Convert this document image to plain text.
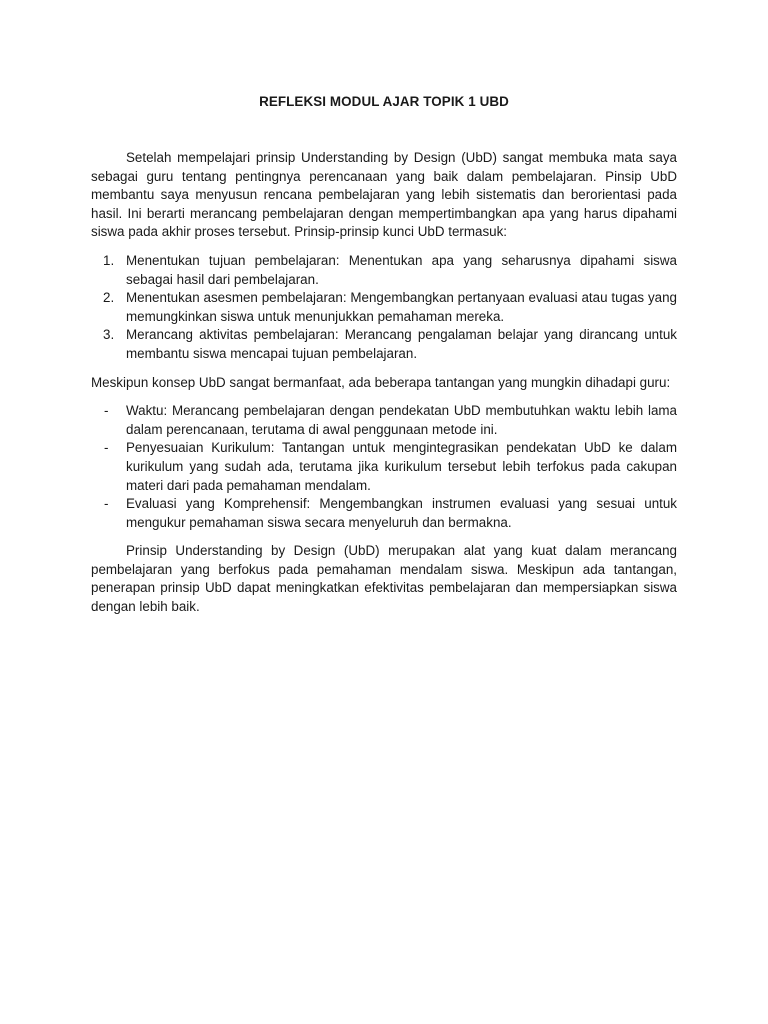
REFLEKSI MODUL AJAR TOPIK 1 UBD

Setelah mempelajari prinsip Understanding by Design (UbD) sangat membuka mata saya sebagai guru tentang pentingnya perencanaan yang baik dalam pembelajaran. Pinsip UbD membantu saya menyusun rencana pembelajaran yang lebih sistematis dan berorientasi pada hasil. Ini berarti merancang pembelajaran dengan mempertimbangkan apa yang harus dipahami siswa pada akhir proses tersebut. Prinsip-prinsip kunci UbD termasuk:

1. Menentukan tujuan pembelajaran: Menentukan apa yang seharusnya dipahami siswa sebagai hasil dari pembelajaran.
2. Menentukan asesmen pembelajaran: Mengembangkan pertanyaan evaluasi atau tugas yang memungkinkan siswa untuk menunjukkan pemahaman mereka.
3. Merancang aktivitas pembelajaran: Merancang pengalaman belajar yang dirancang untuk membantu siswa mencapai tujuan pembelajaran.

Meskipun konsep UbD sangat bermanfaat, ada beberapa tantangan yang mungkin dihadapi guru:

-	Waktu: Merancang pembelajaran dengan pendekatan UbD membutuhkan waktu lebih lama dalam perencanaan, terutama di awal penggunaan metode ini.
-	Penyesuaian Kurikulum: Tantangan untuk mengintegrasikan pendekatan UbD ke dalam kurikulum yang sudah ada, terutama jika kurikulum tersebut lebih terfokus pada cakupan materi dari pada pemahaman mendalam.
-	Evaluasi yang Komprehensif: Mengembangkan instrumen evaluasi yang sesuai untuk mengukur pemahaman siswa secara menyeluruh dan bermakna.

Prinsip Understanding by Design (UbD) merupakan alat yang kuat dalam merancang pembelajaran yang berfokus pada pemahaman mendalam siswa. Meskipun ada tantangan, penerapan prinsip UbD dapat meningkatkan efektivitas pembelajaran dan mempersiapkan siswa dengan lebih baik.
